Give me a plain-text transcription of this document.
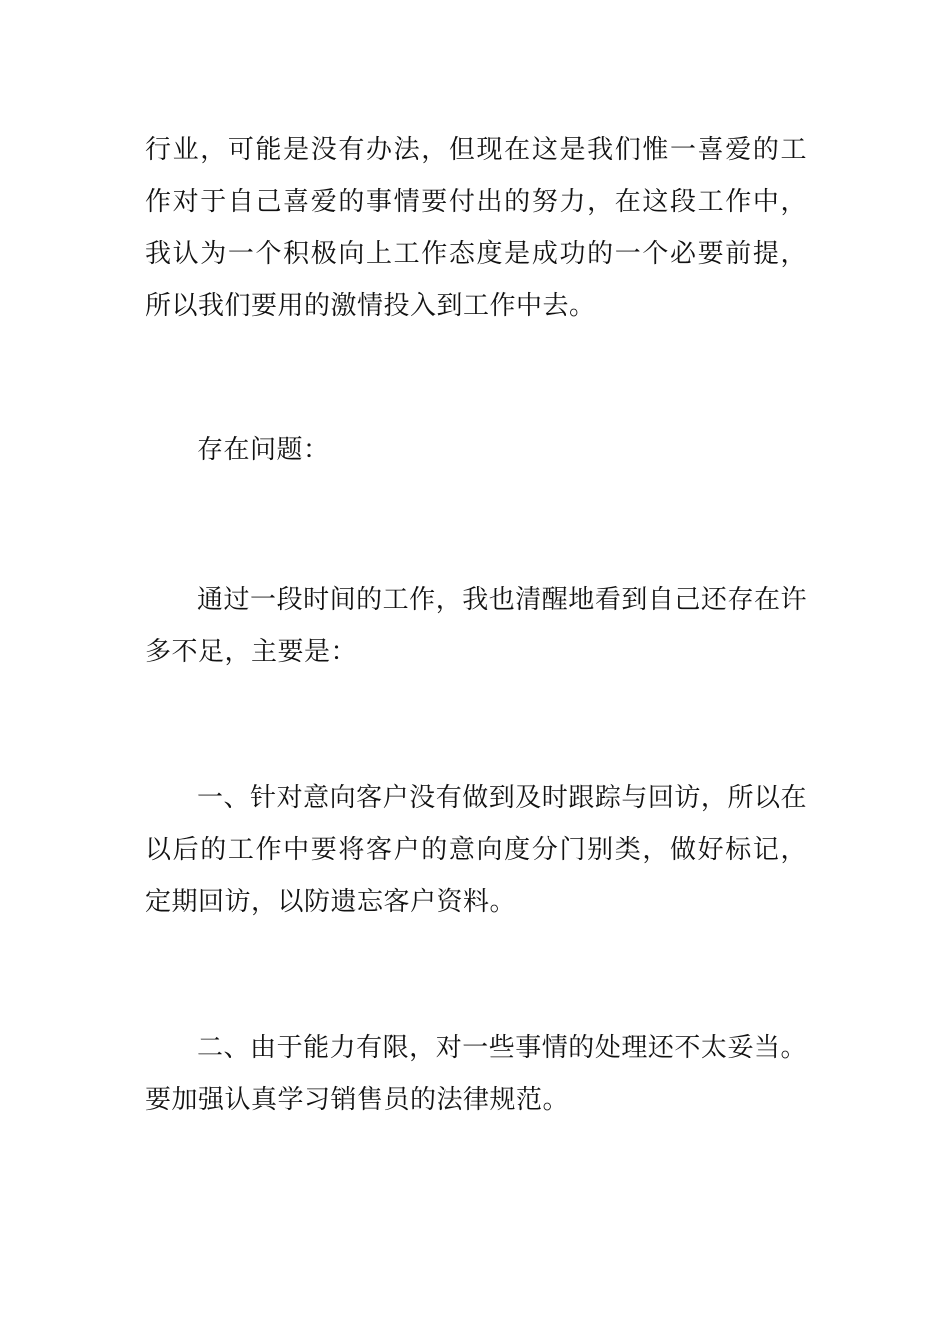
行业，可能是没有办法，但现在这是我们惟一喜爱的工作对于自己喜爱的事情要付出的努力，在这段工作中，我认为一个积极向上工作态度是成功的一个必要前提，所以我们要用的激情投入到工作中去。

存在问题：

通过一段时间的工作，我也清醒地看到自己还存在许多不足，主要是：

一、针对意向客户没有做到及时跟踪与回访，所以在以后的工作中要将客户的意向度分门别类，做好标记，定期回访，以防遗忘客户资料。

二、由于能力有限，对一些事情的处理还不太妥当。要加强认真学习销售员的法律规范。
